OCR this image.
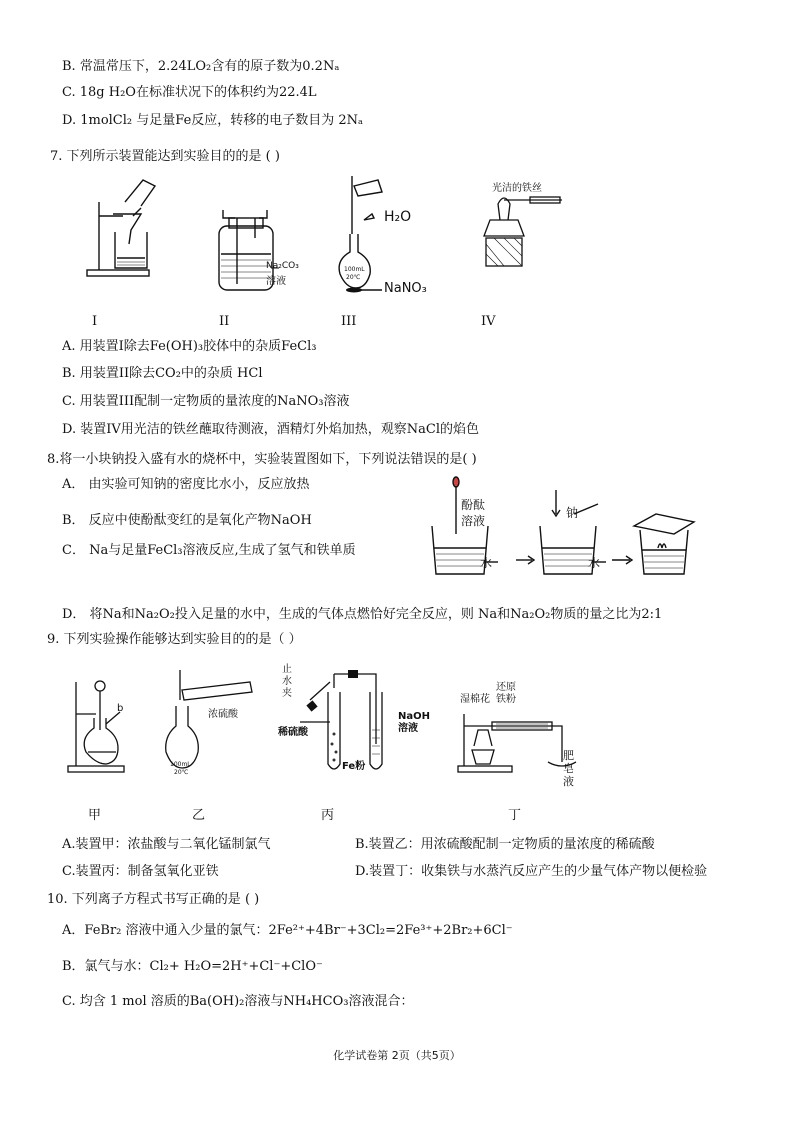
B. 常温常压下，2.24LO₂含有的原子数为0.2Nₐ
C. 18g H₂O在标准状况下的体积约为22.4L
D. 1molCl₂ 与足量Fe反应，转移的电子数目为 2Nₐ
7. 下列所示装置能达到实验目的的是 ( )
I
Na₂CO₃
溶液
II
H₂O
NaNO₃
100mL
20℃
III
光洁的铁丝
IV
A. 用装置I除去Fe(OH)₃胶体中的杂质FeCl₃
B. 用装置II除去CO₂中的杂质 HCl
C. 用装置III配制一定物质的量浓度的NaNO₃溶液
D. 装置IV用光洁的铁丝蘸取待测液，酒精灯外焰加热，观察NaCl的焰色
8.将一小块钠投入盛有水的烧杯中，实验装置图如下，下列说法错误的是( )
A． 由实验可知钠的密度比水小，反应放热
B． 反应中使酚酞变红的是氧化产物NaOH
C． Na与足量FeCl₃溶液反应,生成了氢气和铁单质
酚酞
溶液
钠
水	水
D． 将Na和Na₂O₂投入足量的水中，生成的气体点燃恰好完全反应，则 Na和Na₂O₂物质的量之比为2:1
9. 下列实验操作能够达到实验目的的是（ ）
b
甲
浓硫酸
100mL
20℃
乙
止
水
夹
稀硫酸
Fe粉
NaOH
溶液
丙
还原
铁粉
湿棉花
肥
皂
液
丁
A.装置甲：浓盐酸与二氧化锰制氯气	B.装置乙：用浓硫酸配制一定物质的量浓度的稀硫酸
C.装置丙：制备氢氧化亚铁	D.装置丁：收集铁与水蒸汽反应产生的少量气体产物以便检验
10. 下列离子方程式书写正确的是 ( )
A．FeBr₂ 溶液中通入少量的氯气：2Fe²⁺+4Br⁻+3Cl₂=2Fe³⁺+2Br₂+6Cl⁻
B．氯气与水：Cl₂+ H₂O=2H⁺+Cl⁻+ClO⁻
C. 均含 1 mol 溶质的Ba(OH)₂溶液与NH₄HCO₃溶液混合：
化学试卷第 2页（共5页）
